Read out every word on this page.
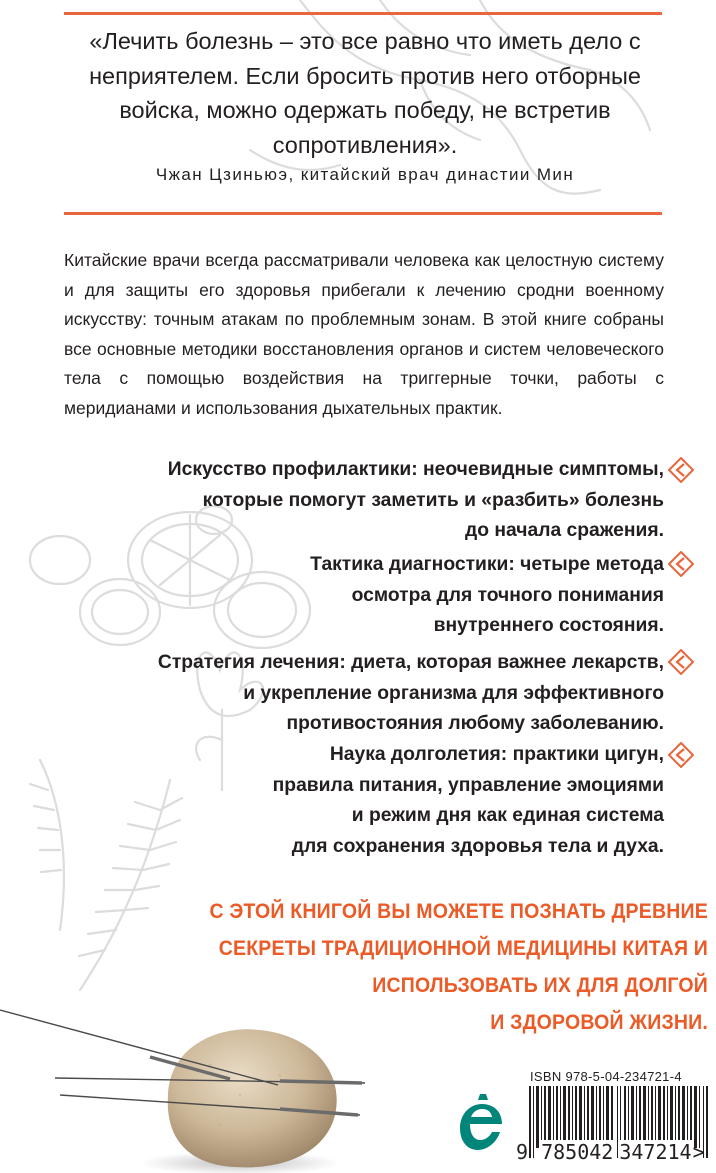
«Лечить болезнь – это все равно что иметь дело с
неприятелем. Если бросить против него отборные
войска, можно одержать победу, не встретив
сопротивления».
Чжан Цзиньюэ, китайский врач династии Мин
Китайские врачи всегда рассматривали человека как целостную систему и для защиты его здоровья прибегали к лечению сродни военному искусству: точным атакам по проблемным зонам. В этой книге собраны все основные методики восстановления органов и систем человеческого тела с помощью воздействия на триггерные точки, работы с меридианами и использования дыхательных практик.
Искусство профилактики: неочевидные симптомы,
которые помогут заметить и «разбить» болезнь
до начала сражения.
Тактика диагностики: четыре метода
осмотра для точного понимания
внутреннего состояния.
Стратегия лечения: диета, которая важнее лекарств,
и укрепление организма для эффективного
противостояния любому заболеванию.
Наука долголетия: практики цигун,
правила питания, управление эмоциями
и режим дня как единая система
для сохранения здоровья тела и духа.
С ЭТОЙ КНИГОЙ ВЫ МОЖЕТЕ ПОЗНАТЬ ДРЕВНИЕ
СЕКРЕТЫ ТРАДИЦИОННОЙ МЕДИЦИНЫ КИТАЯ И
ИСПОЛЬЗОВАТЬ ИХ ДЛЯ ДОЛГОЙ
И ЗДОРОВОЙ ЖИЗНИ.
ISBN 978-5-04-234721-4
9 785042 347214>
